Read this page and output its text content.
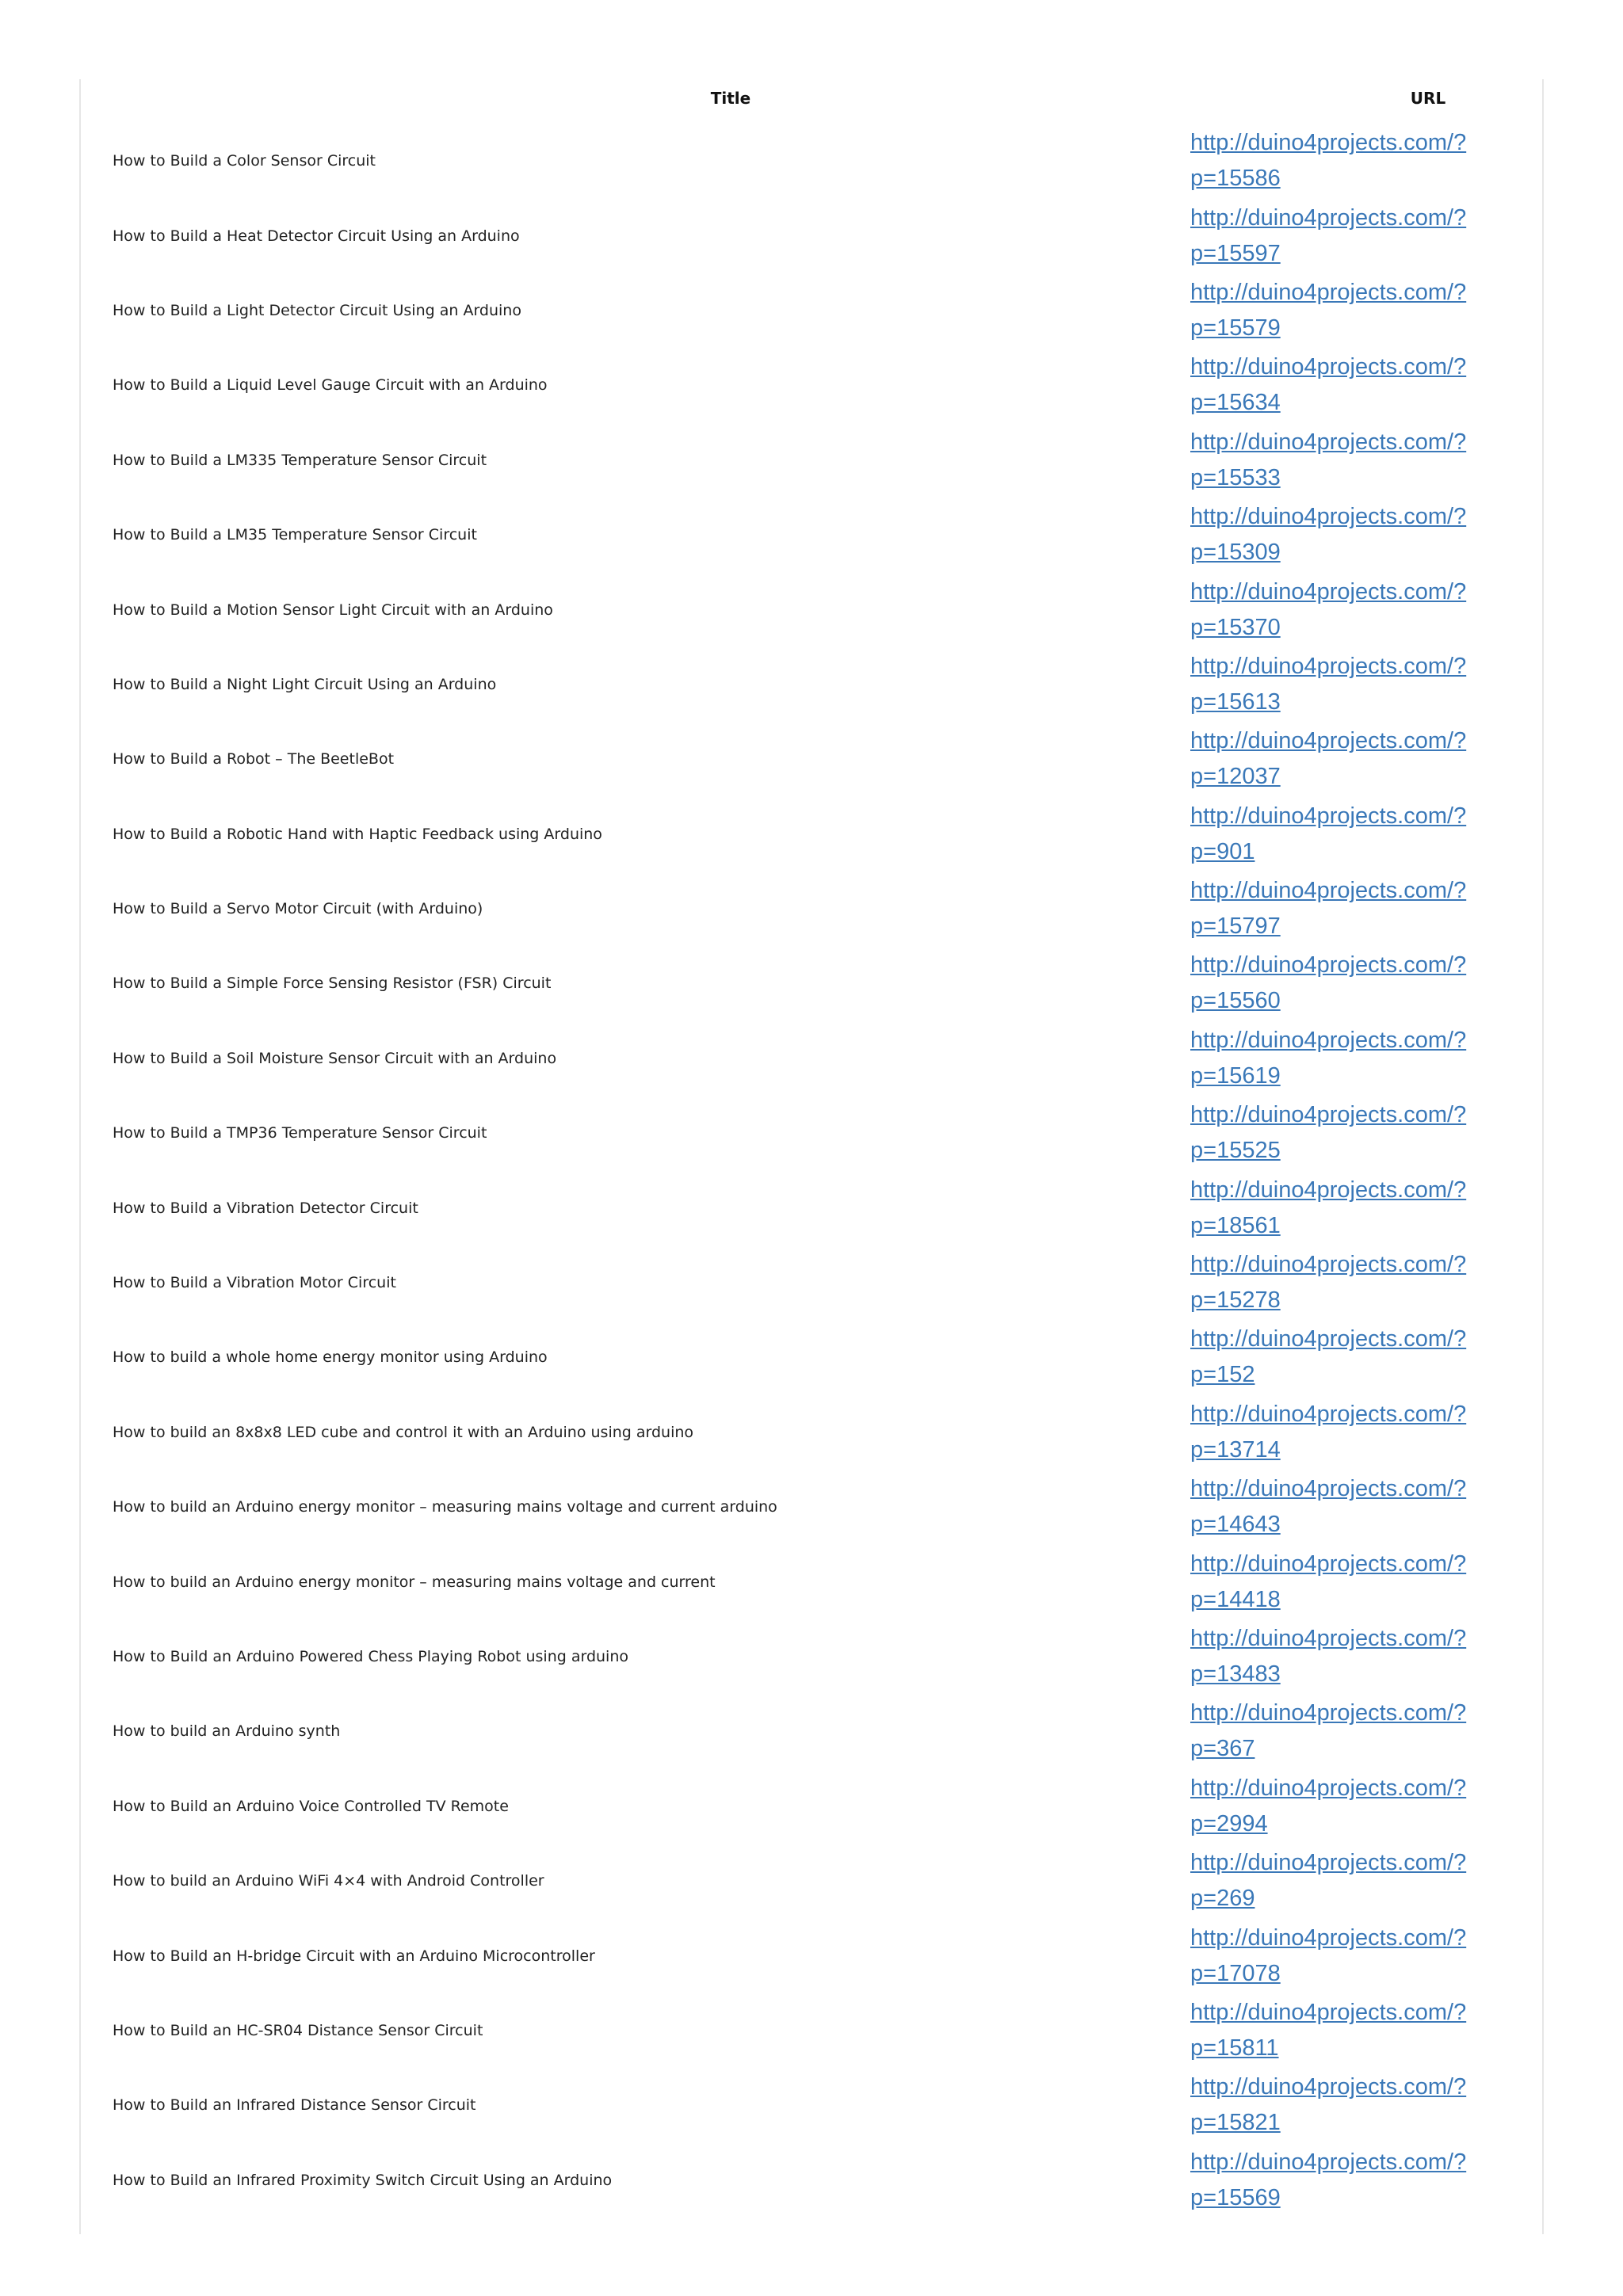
Title	URL
How to Build a Color Sensor Circuit
http://duino4projects.com/?p=15586
How to Build a Heat Detector Circuit Using an Arduino
http://duino4projects.com/?p=15597
How to Build a Light Detector Circuit Using an Arduino
http://duino4projects.com/?p=15579
How to Build a Liquid Level Gauge Circuit with an Arduino
http://duino4projects.com/?p=15634
How to Build a LM335 Temperature Sensor Circuit
http://duino4projects.com/?p=15533
How to Build a LM35 Temperature Sensor Circuit
http://duino4projects.com/?p=15309
How to Build a Motion Sensor Light Circuit with an Arduino
http://duino4projects.com/?p=15370
How to Build a Night Light Circuit Using an Arduino
http://duino4projects.com/?p=15613
How to Build a Robot – The BeetleBot
http://duino4projects.com/?p=12037
How to Build a Robotic Hand with Haptic Feedback using Arduino
http://duino4projects.com/?p=901
How to Build a Servo Motor Circuit (with Arduino)
http://duino4projects.com/?p=15797
How to Build a Simple Force Sensing Resistor (FSR) Circuit
http://duino4projects.com/?p=15560
How to Build a Soil Moisture Sensor Circuit with an Arduino
http://duino4projects.com/?p=15619
How to Build a TMP36 Temperature Sensor Circuit
http://duino4projects.com/?p=15525
How to Build a Vibration Detector Circuit
http://duino4projects.com/?p=18561
How to Build a Vibration Motor Circuit
http://duino4projects.com/?p=15278
How to build a whole home energy monitor using Arduino
http://duino4projects.com/?p=152
How to build an 8x8x8 LED cube and control it with an Arduino using arduino
http://duino4projects.com/?p=13714
How to build an Arduino energy monitor – measuring mains voltage and current arduino
http://duino4projects.com/?p=14643
How to build an Arduino energy monitor – measuring mains voltage and current
http://duino4projects.com/?p=14418
How to Build an Arduino Powered Chess Playing Robot using arduino
http://duino4projects.com/?p=13483
How to build an Arduino synth
http://duino4projects.com/?p=367
How to Build an Arduino Voice Controlled TV Remote
http://duino4projects.com/?p=2994
How to build an Arduino WiFi 4×4 with Android Controller
http://duino4projects.com/?p=269
How to Build an H-bridge Circuit with an Arduino Microcontroller
http://duino4projects.com/?p=17078
How to Build an HC-SR04 Distance Sensor Circuit
http://duino4projects.com/?p=15811
How to Build an Infrared Distance Sensor Circuit
http://duino4projects.com/?p=15821
How to Build an Infrared Proximity Switch Circuit Using an Arduino
http://duino4projects.com/?p=15569
